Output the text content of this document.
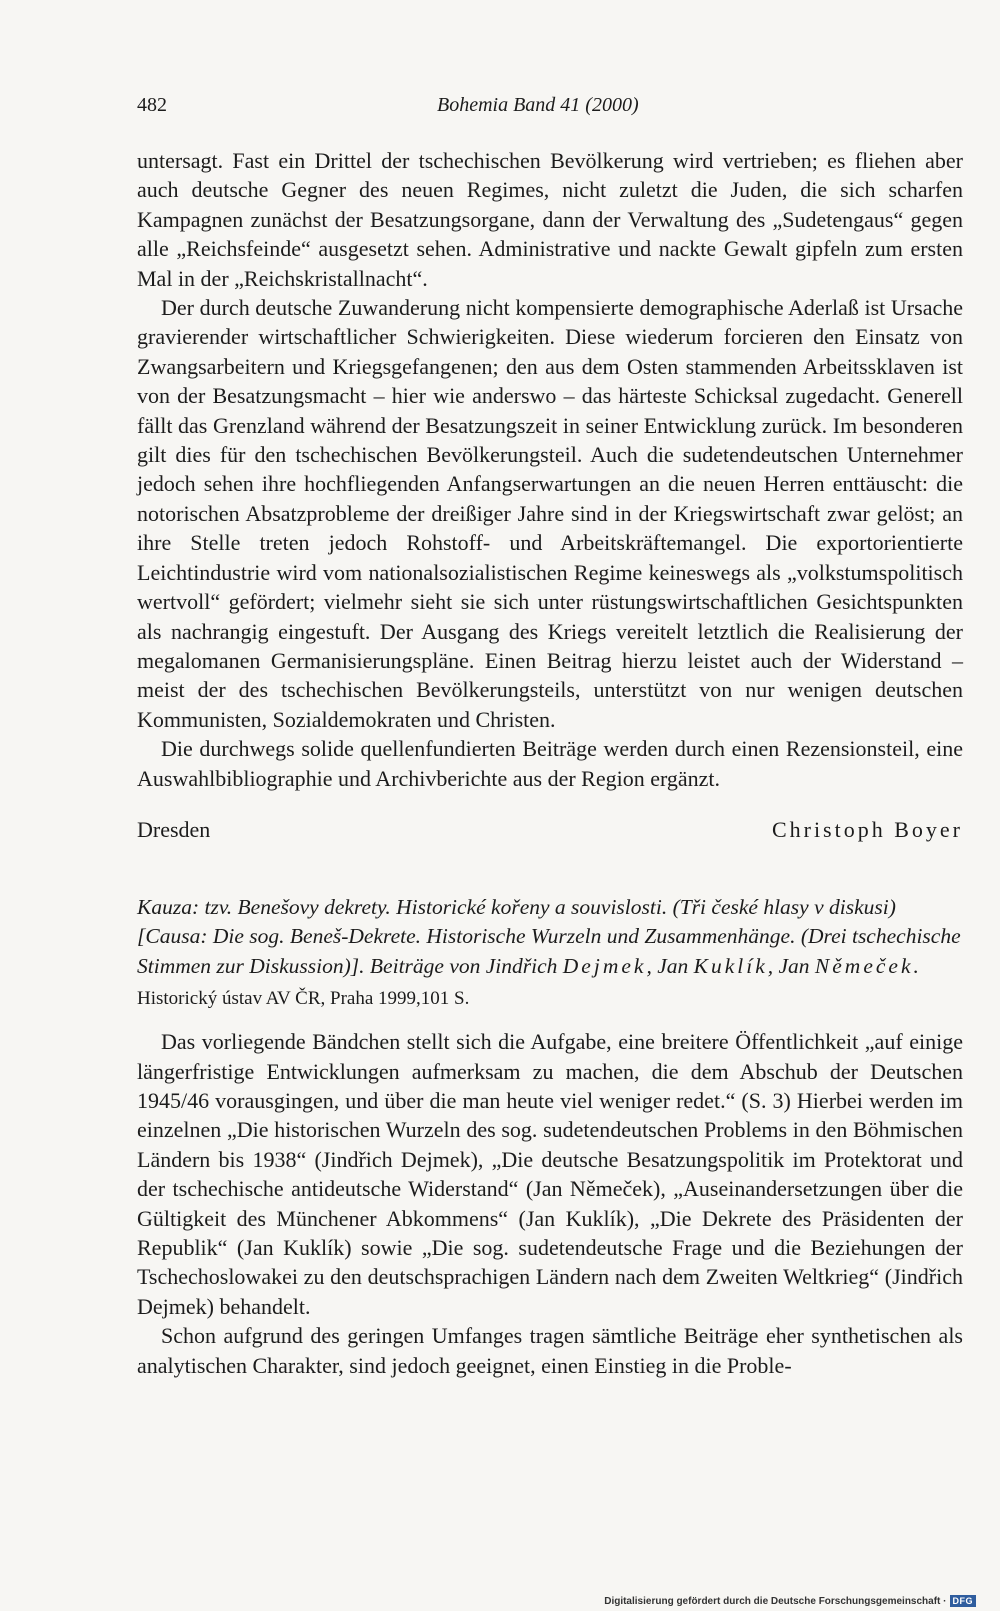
482	Bohemia Band 41 (2000)

untersagt. Fast ein Drittel der tschechischen Bevölkerung wird vertrieben; es fliehen aber auch deutsche Gegner des neuen Regimes, nicht zuletzt die Juden, die sich scharfen Kampagnen zunächst der Besatzungsorgane, dann der Verwaltung des „Sudetengaus“ gegen alle „Reichsfeinde“ ausgesetzt sehen. Administrative und nackte Gewalt gipfeln zum ersten Mal in der „Reichskristallnacht“.

Der durch deutsche Zuwanderung nicht kompensierte demographische Aderlaß ist Ursache gravierender wirtschaftlicher Schwierigkeiten. Diese wiederum forcieren den Einsatz von Zwangsarbeitern und Kriegsgefangenen; den aus dem Osten stammenden Arbeitssklaven ist von der Besatzungsmacht – hier wie anderswo – das härteste Schicksal zugedacht. Generell fällt das Grenzland während der Besatzungszeit in seiner Entwicklung zurück. Im besonderen gilt dies für den tschechischen Bevölkerungsteil. Auch die sudetendeutschen Unternehmer jedoch sehen ihre hochfliegenden Anfangserwartungen an die neuen Herren enttäuscht: die notorischen Absatzprobleme der dreißiger Jahre sind in der Kriegswirtschaft zwar gelöst; an ihre Stelle treten jedoch Rohstoff- und Arbeitskräftemangel. Die exportorientierte Leichtindustrie wird vom nationalsozialistischen Regime keineswegs als „volkstumspolitisch wertvoll“ gefördert; vielmehr sieht sie sich unter rüstungswirtschaftlichen Gesichtspunkten als nachrangig eingestuft. Der Ausgang des Kriegs vereitelt letztlich die Realisierung der megalomanen Germanisierungspläne. Einen Beitrag hierzu leistet auch der Widerstand – meist der des tschechischen Bevölkerungsteils, unterstützt von nur wenigen deutschen Kommunisten, Sozialdemokraten und Christen.

Die durchwegs solide quellenfundierten Beiträge werden durch einen Rezensionsteil, eine Auswahlbibliographie und Archivberichte aus der Region ergänzt.

Dresden	Christoph Boyer
Kauza: tzv. Benešovy dekrety. Historické kořeny a souvislosti. (Tři české hlasy v diskusi) [Causa: Die sog. Beneš-Dekrete. Historische Wurzeln und Zusammenhänge. (Drei tschechische Stimmen zur Diskussion)]. Beiträge von Jindřich Dejmek, Jan Kuklík, Jan Němeček.
Historický ústav AV ČR, Praha 1999,101 S.

Das vorliegende Bändchen stellt sich die Aufgabe, eine breitere Öffentlichkeit „auf einige längerfristige Entwicklungen aufmerksam zu machen, die dem Abschub der Deutschen 1945/46 vorausgingen, und über die man heute viel weniger redet.“ (S. 3) Hierbei werden im einzelnen „Die historischen Wurzeln des sog. sudetendeutschen Problems in den Böhmischen Ländern bis 1938“ (Jindřich Dejmek), „Die deutsche Besatzungspolitik im Protektorat und der tschechische antideutsche Widerstand“ (Jan Němeček), „Auseinandersetzungen über die Gültigkeit des Münchener Abkommens“ (Jan Kuklík), „Die Dekrete des Präsidenten der Republik“ (Jan Kuklík) sowie „Die sog. sudetendeutsche Frage und die Beziehungen der Tschechoslowakei zu den deutschsprachigen Ländern nach dem Zweiten Weltkrieg“ (Jindřich Dejmek) behandelt.

Schon aufgrund des geringen Umfanges tragen sämtliche Beiträge eher synthetischen als analytischen Charakter, sind jedoch geeignet, einen Einstieg in die Proble-

Digitalisierung gefördert durch die Deutsche Forschungsgemeinschaft · DFG
